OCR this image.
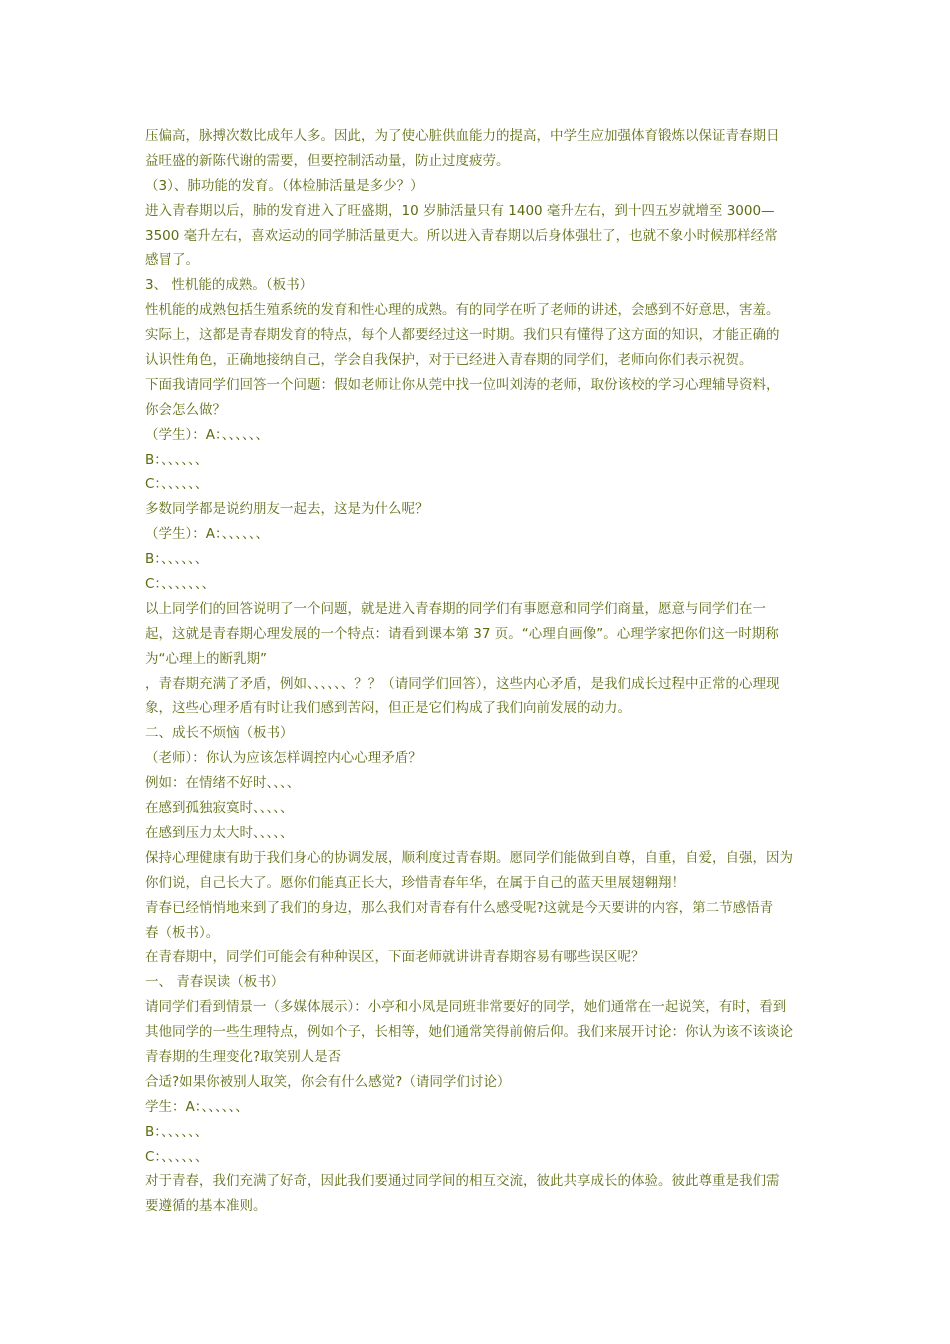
压偏高，脉搏次数比成年人多。因此，为了使心脏供血能力的提高，中学生应加强体育锻炼以保证青春期日
益旺盛的新陈代谢的需要，但要控制活动量，防止过度疲劳。
（3）、肺功能的发育。（体检肺活量是多少？）
进入青春期以后，肺的发育进入了旺盛期，10 岁肺活量只有 1400 毫升左右，到十四五岁就增至 3000—
3500 毫升左右，喜欢运动的同学肺活量更大。所以进入青春期以后身体强壮了，也就不象小时候那样经常
感冒了。
3、 性机能的成熟。（板书）
性机能的成熟包括生殖系统的发育和性心理的成熟。有的同学在听了老师的讲述，会感到不好意思，害羞。
实际上，这都是青春期发育的特点，每个人都要经过这一时期。我们只有懂得了这方面的知识，才能正确的
认识性角色，正确地接纳自己，学会自我保护，对于已经进入青春期的同学们，老师向你们表示祝贺。
下面我请同学们回答一个问题：假如老师让你从莞中找一位叫刘涛的老师，取份该校的学习心理辅导资料，
你会怎么做？
（学生）：A：、、、、、、
B：、、、、、、
C：、、、、、、
多数同学都是说约朋友一起去，这是为什么呢？
（学生）：A：、、、、、、
B：、、、、、、
C：、、、、、、、
以上同学们的回答说明了一个问题，就是进入青春期的同学们有事愿意和同学们商量，愿意与同学们在一
起，这就是青春期心理发展的一个特点：请看到课本第 37 页。“心理自画像”。心理学家把你们这一时期称
为“心理上的断乳期”
，青春期充满了矛盾，例如、、、、、、？？（请同学们回答），这些内心矛盾，是我们成长过程中正常的心理现
象，这些心理矛盾有时让我们感到苦闷，但正是它们构成了我们向前发展的动力。
二、成长不烦恼（板书）
（老师）：你认为应该怎样调控内心心理矛盾？
例如：在情绪不好时、、、、
在感到孤独寂寞时、、、、、
在感到压力太大时、、、、、
保持心理健康有助于我们身心的协调发展，顺利度过青春期。愿同学们能做到自尊，自重，自爱，自强，因为
你们说，自己长大了。愿你们能真正长大，珍惜青春年华，在属于自己的蓝天里展翅翱翔！
青春已经悄悄地来到了我们的身边，那么我们对青春有什么感受呢?这就是今天要讲的内容，第二节感悟青
春（板书）。
在青春期中，同学们可能会有种种误区，下面老师就讲讲青春期容易有哪些误区呢？
一、 青春误读（板书）
请同学们看到情景一（多媒体展示）：小亭和小凤是同班非常要好的同学，她们通常在一起说笑，有时，看到
其他同学的一些生理特点，例如个子，长相等，她们通常笑得前俯后仰。我们来展开讨论：你认为该不该谈论
青春期的生理变化?取笑别人是否
合适?如果你被别人取笑，你会有什么感觉?（请同学们讨论）
学生：A：、、、、、、
B：、、、、、、
C：、、、、、、
对于青春，我们充满了好奇，因此我们要通过同学间的相互交流，彼此共享成长的体验。彼此尊重是我们需
要遵循的基本准则。
